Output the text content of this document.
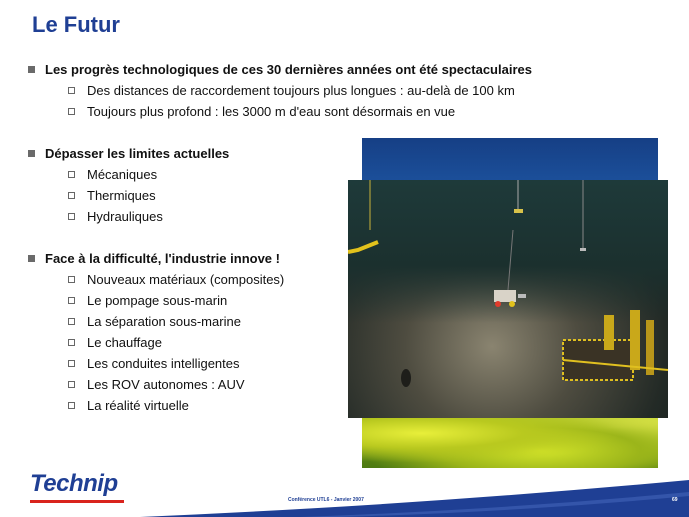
Le Futur
Les progrès technologiques de ces 30 dernières années ont été spectaculaires
Des distances de raccordement toujours plus longues : au-delà de 100 km
Toujours plus profond : les 3000 m d'eau sont désormais en vue
Dépasser les limites actuelles
Mécaniques
Thermiques
Hydrauliques
Face à la difficulté, l'industrie innove !
Nouveaux matériaux (composites)
Le pompage sous-marin
La séparation sous-marine
Le chauffage
Les conduites intelligentes
Les ROV autonomes : AUV
La réalité virtuelle
Technip
Conférence UTL6 - Janvier 2007	69
